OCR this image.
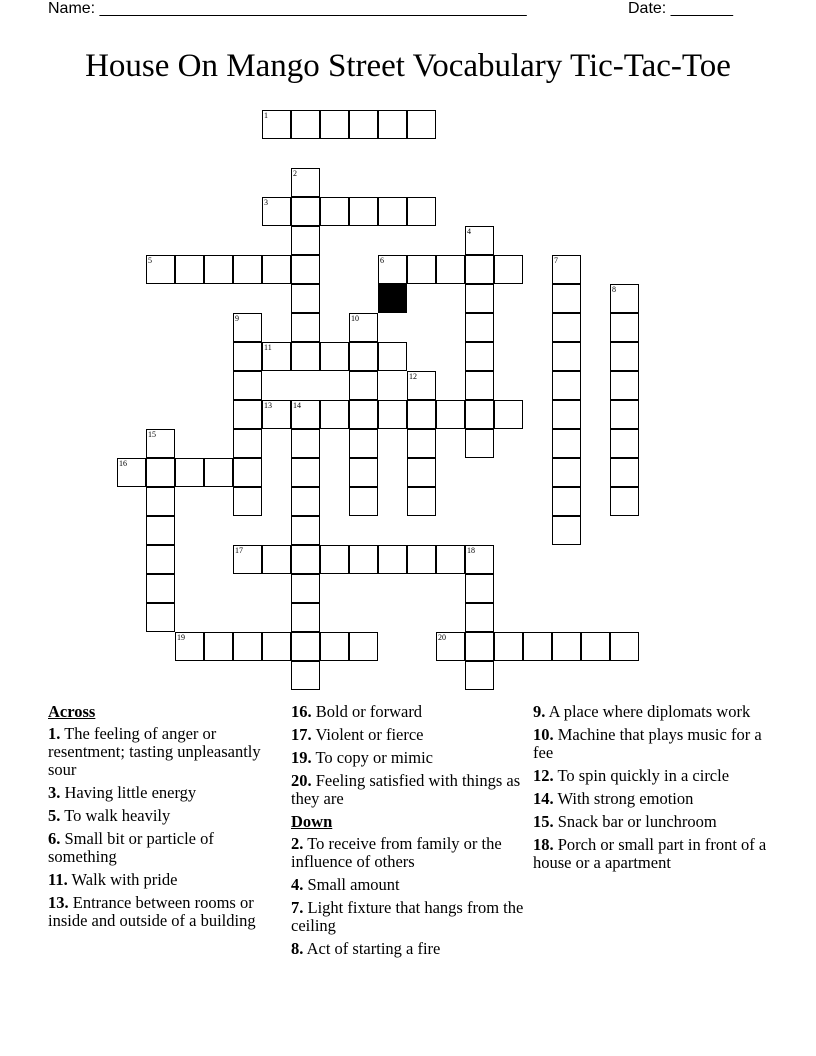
Name: ________________________________________________	Date: _______
House On Mango Street Vocabulary Tic-Tac-Toe
1
2
3
4
5	6	7
8
9	10
11
12
13	14
15
16
17	18
19	20
Across
1. The feeling of anger or resentment; tasting unpleasantly sour
3. Having little energy
5. To walk heavily
6. Small bit or particle of something
11. Walk with pride
13. Entrance between rooms or inside and outside of a building
16. Bold or forward
17. Violent or fierce
19. To copy or mimic
20. Feeling satisfied with things as they are
Down
2. To receive from family or the influence of others
4. Small amount
7. Light fixture that hangs from the ceiling
8. Act of starting a fire
9. A place where diplomats work
10. Machine that plays music for a fee
12. To spin quickly in a circle
14. With strong emotion
15. Snack bar or lunchroom
18. Porch or small part in front of a house or a apartment
